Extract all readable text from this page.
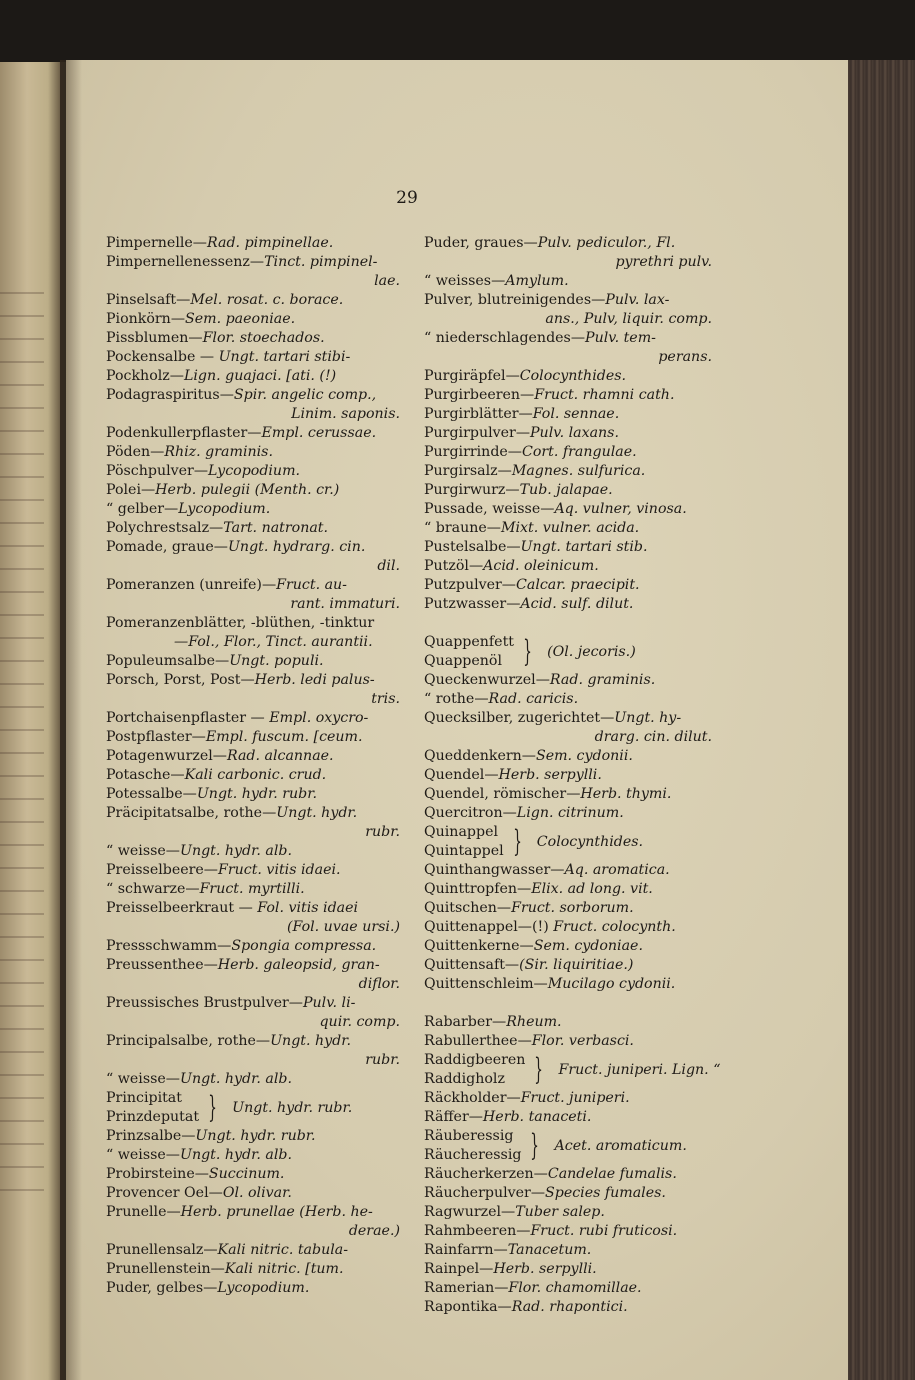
29
Pimpernelle—Rad. pimpinellae.
Pimpernellenessenz—Tinct. pimpinel-
lae.
Pinselsaft—Mel. rosat. c. borace.
Pionkörn—Sem. paeoniae.
Pissblumen—Flor. stoechados.
Pockensalbe — Ungt. tartari stibi-
Pockholz—Lign. guajaci. [ati. (!)
Podagraspiritus—Spir. angelic comp.,
Linim. saponis.
Podenkullerpflaster—Empl. cerussae.
Pöden—Rhiz. graminis.
Pöschpulver—Lycopodium.
Polei—Herb. pulegii (Menth. cr.)
“ gelber—Lycopodium.
Polychrestsalz—Tart. natronat.
Pomade, graue—Ungt. hydrarg. cin.
dil.
Pomeranzen (unreife)—Fruct. au-
rant. immaturi.
Pomeranzenblätter, -blüthen, -tinktur
—Fol., Flor., Tinct. aurantii.
Populeumsalbe—Ungt. populi.
Porsch, Porst, Post—Herb. ledi palus-
tris.
Portchaisenpflaster — Empl. oxycro-
Postpflaster—Empl. fuscum. [ceum.
Potagenwurzel—Rad. alcannae.
Potasche—Kali carbonic. crud.
Potessalbe—Ungt. hydr. rubr.
Präcipitatsalbe, rothe—Ungt. hydr.
rubr.
“ weisse—Ungt. hydr. alb.
Preisselbeere—Fruct. vitis idaei.
“ schwarze—Fruct. myrtilli.
Preisselbeerkraut — Fol. vitis idaei
(Fol. uvae ursi.)
Pressschwamm—Spongia compressa.
Preussenthee—Herb. galeopsid, gran-
diflor.
Preussisches Brustpulver—Pulv. li-
quir. comp.
Principalsalbe, rothe—Ungt. hydr.
rubr.
“ weisse—Ungt. hydr. alb.
Principitat
Prinzdeputat } Ungt. hydr. rubr.
Prinzsalbe—Ungt. hydr. rubr.
“ weisse—Ungt. hydr. alb.
Probirsteine—Succinum.
Provencer Oel—Ol. olivar.
Prunelle—Herb. prunellae (Herb. he-
derae.)
Prunellensalz—Kali nitric. tabula-
Prunellenstein—Kali nitric. [tum.
Puder, gelbes—Lycopodium.
Puder, graues—Pulv. pediculor., Fl.
pyrethri pulv.
“ weisses—Amylum.
Pulver, blutreinigendes—Pulv. lax-
ans., Pulv, liquir. comp.
“ niederschlagendes—Pulv. tem-
perans.
Purgiräpfel—Colocynthides.
Purgirbeeren—Fruct. rhamni cath.
Purgirblätter—Fol. sennae.
Purgirpulver—Pulv. laxans.
Purgirrinde—Cort. frangulae.
Purgirsalz—Magnes. sulfurica.
Purgirwurz—Tub. jalapae.
Pussade, weisse—Aq. vulner, vinosa.
“ braune—Mixt. vulner. acida.
Pustelsalbe—Ungt. tartari stib.
Putzöl—Acid. oleinicum.
Putzpulver—Calcar. praecipit.
Putzwasser—Acid. sulf. dilut.
Quappenfett
Quappenöl } (Ol. jecoris.)
Queckenwurzel—Rad. graminis.
“ rothe—Rad. caricis.
Quecksilber, zugerichtet—Ungt. hy-
drarg. cin. dilut.
Queddenkern—Sem. cydonii.
Quendel—Herb. serpylli.
Quendel, römischer—Herb. thymi.
Quercitron—Lign. citrinum.
Quinappel
Quintappel } Colocynthides.
Quinthangwasser—Aq. aromatica.
Quinttropfen—Elix. ad long. vit.
Quitschen—Fruct. sorborum.
Quittenappel—(!) Fruct. colocynth.
Quittenkerne—Sem. cydoniae.
Quittensaft—(Sir. liquiritiae.)
Quittenschleim—Mucilago cydonii.
Rabarber—Rheum.
Rabullerthee—Flor. verbasci.
Raddigbeeren
Raddigholz } Fruct. juniperi. Lign. “
Räckholder—Fruct. juniperi.
Räffer—Herb. tanaceti.
Räuberessig
Räucheressig } Acet. aromaticum.
Räucherkerzen—Candelae fumalis.
Räucherpulver—Species fumales.
Ragwurzel—Tuber salep.
Rahmbeeren—Fruct. rubi fruticosi.
Rainfarrn—Tanacetum.
Rainpel—Herb. serpylli.
Ramerian—Flor. chamomillae.
Rapontika—Rad. rhapontici.
